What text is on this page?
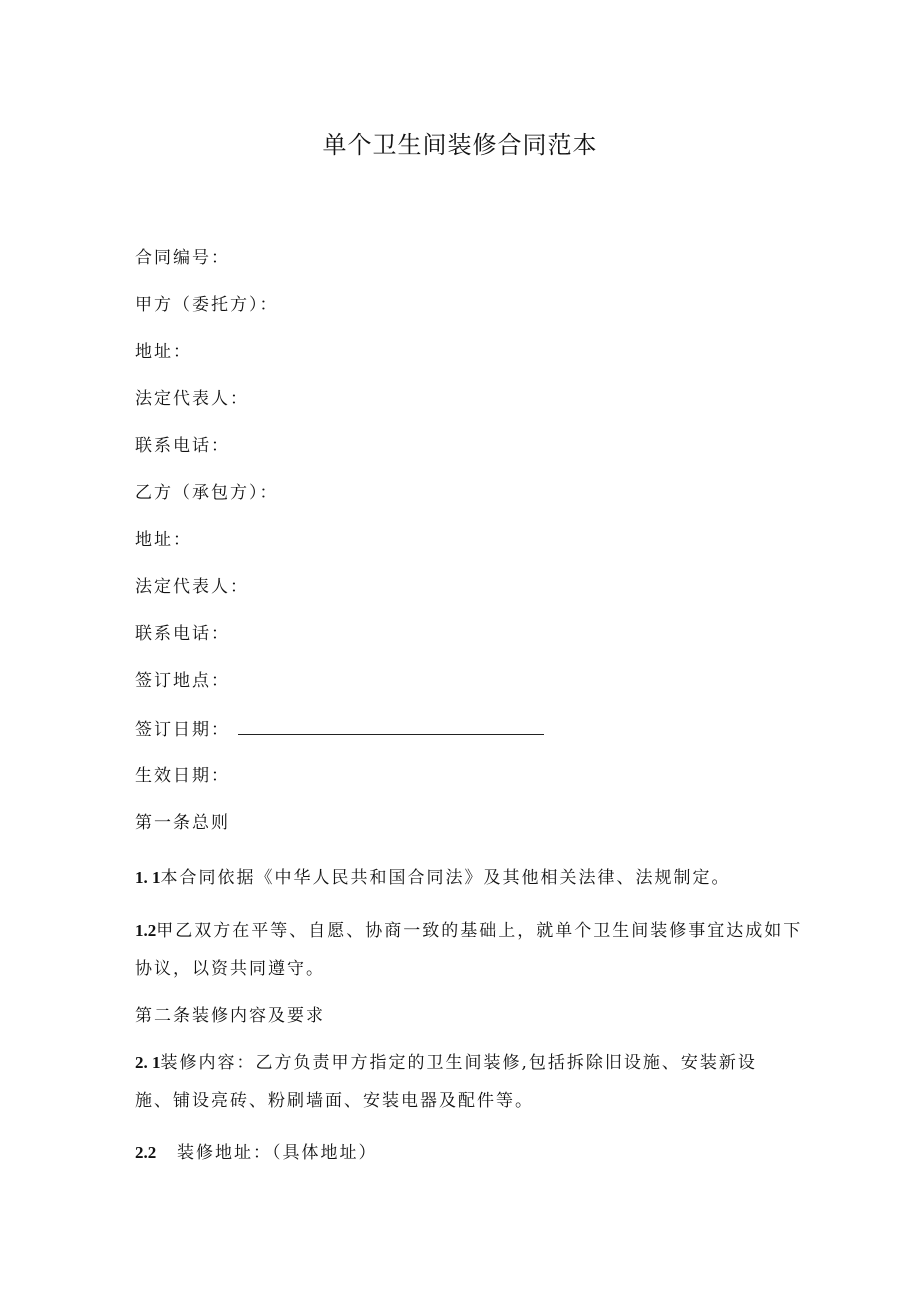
单个卫生间装修合同范本
合同编号：
甲方（委托方）：
地址：
法定代表人：
联系电话：
乙方（承包方）：
地址：
法定代表人：
联系电话：
签订地点：
签订日期：
生效日期：
第一条总则
1. 1本合同依据《中华人民共和国合同法》及其他相关法律、法规制定。
1.2甲乙双方在平等、自愿、协商一致的基础上，就单个卫生间装修事宜达成如下
协议，以资共同遵守。
第二条装修内容及要求
2. 1装修内容：乙方负责甲方指定的卫生间装修,包括拆除旧设施、安装新设
施、铺设亮砖、粉刷墙面、安装电器及配件等。
2.2 装修地址：（具体地址）
